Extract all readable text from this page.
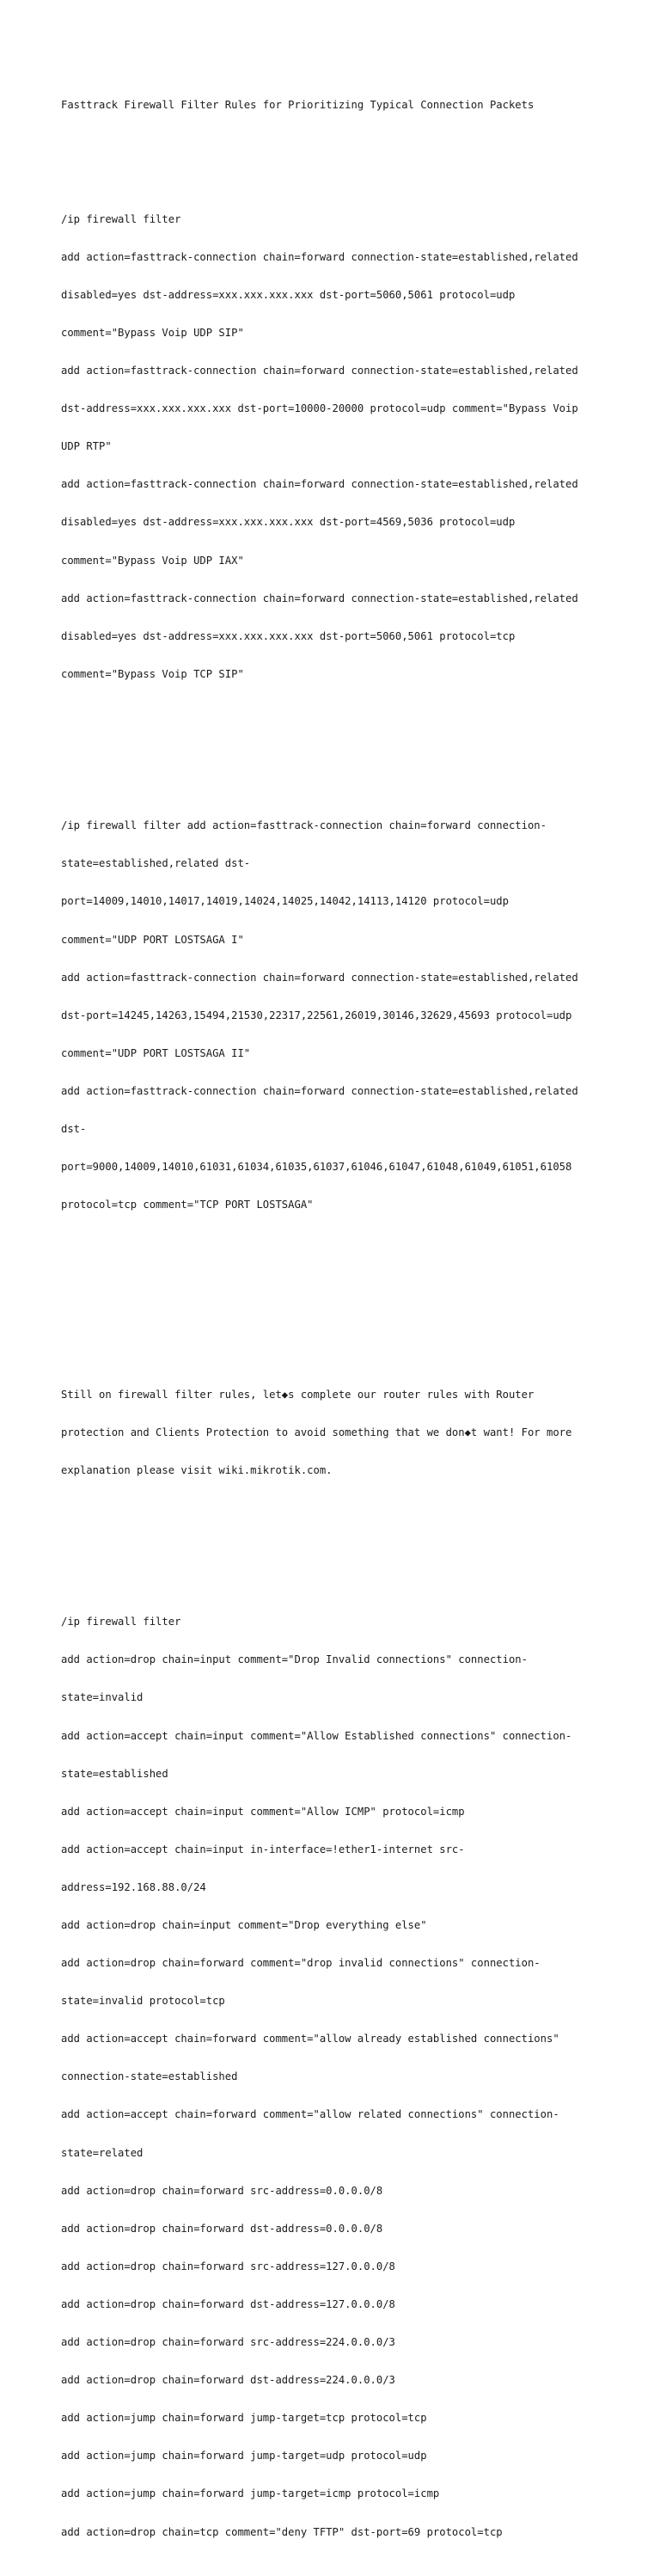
Fasttrack Firewall Filter Rules for Prioritizing Typical Connection Packets

/ip firewall filter

add action=fasttrack-connection chain=forward connection-state=established,related

disabled=yes dst-address=xxx.xxx.xxx.xxx dst-port=5060,5061 protocol=udp

comment="Bypass Voip UDP SIP"

add action=fasttrack-connection chain=forward connection-state=established,related

dst-address=xxx.xxx.xxx.xxx dst-port=10000-20000 protocol=udp comment="Bypass Voip

UDP RTP"

add action=fasttrack-connection chain=forward connection-state=established,related

disabled=yes dst-address=xxx.xxx.xxx.xxx dst-port=4569,5036 protocol=udp

comment="Bypass Voip UDP IAX"

add action=fasttrack-connection chain=forward connection-state=established,related

disabled=yes dst-address=xxx.xxx.xxx.xxx dst-port=5060,5061 protocol=tcp

comment="Bypass Voip TCP SIP"

/ip firewall filter add action=fasttrack-connection chain=forward connection-

state=established,related dst-

port=14009,14010,14017,14019,14024,14025,14042,14113,14120 protocol=udp

comment="UDP PORT LOSTSAGA I"

add action=fasttrack-connection chain=forward connection-state=established,related

dst-port=14245,14263,15494,21530,22317,22561,26019,30146,32629,45693 protocol=udp

comment="UDP PORT LOSTSAGA II"

add action=fasttrack-connection chain=forward connection-state=established,related

dst-

port=9000,14009,14010,61031,61034,61035,61037,61046,61047,61048,61049,61051,61058

protocol=tcp comment="TCP PORT LOSTSAGA"

Still on firewall filter rules, let◆s complete our router rules with Router

protection and Clients Protection to avoid something that we don◆t want! For more

explanation please visit wiki.mikrotik.com.

/ip firewall filter

add action=drop chain=input comment="Drop Invalid connections" connection-

state=invalid

add action=accept chain=input comment="Allow Established connections" connection-

state=established

add action=accept chain=input comment="Allow ICMP" protocol=icmp

add action=accept chain=input in-interface=!ether1-internet src-

address=192.168.88.0/24

add action=drop chain=input comment="Drop everything else"

add action=drop chain=forward comment="drop invalid connections" connection-

state=invalid protocol=tcp

add action=accept chain=forward comment="allow already established connections"

connection-state=established

add action=accept chain=forward comment="allow related connections" connection-

state=related

add action=drop chain=forward src-address=0.0.0.0/8

add action=drop chain=forward dst-address=0.0.0.0/8

add action=drop chain=forward src-address=127.0.0.0/8

add action=drop chain=forward dst-address=127.0.0.0/8

add action=drop chain=forward src-address=224.0.0.0/3

add action=drop chain=forward dst-address=224.0.0.0/3

add action=jump chain=forward jump-target=tcp protocol=tcp

add action=jump chain=forward jump-target=udp protocol=udp

add action=jump chain=forward jump-target=icmp protocol=icmp

add action=drop chain=tcp comment="deny TFTP" dst-port=69 protocol=tcp
